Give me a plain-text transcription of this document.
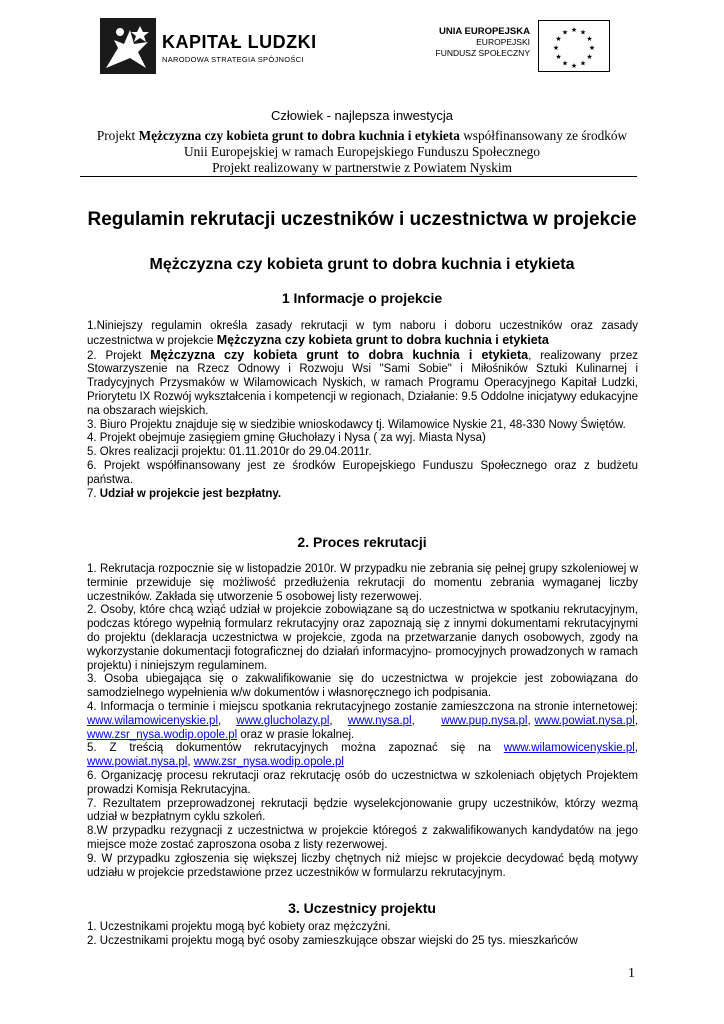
KAPITAŁ LUDZKI
NARODOWA STRATEGIA SPÓJNOŚCI
UNIA EUROPEJSKA
EUROPEJSKI
FUNDUSZ SPOŁECZNY
★ ★
★
★
★
★
★
★
★
★
★
★
Człowiek - najlepsza inwestycja
Projekt Mężczyzna czy kobieta grunt to dobra kuchnia i etykieta współfinansowany ze środków
Unii Europejskiej w ramach Europejskiego Funduszu Społecznego
Projekt realizowany w partnerstwie z Powiatem Nyskim
Regulamin rekrutacji uczestników i uczestnictwa w projekcie
Mężczyzna czy kobieta grunt to dobra kuchnia i etykieta
1 Informacje o projekcie

1.Niniejszy regulamin określa zasady rekrutacji w tym naboru i doboru uczestników oraz zasady uczestnictwa w projekcie Mężczyzna czy kobieta grunt to dobra kuchnia i etykieta

2. Projekt Mężczyzna czy kobieta grunt to dobra kuchnia i etykieta, realizowany przez Stowarzyszenie na Rzecz Odnowy i Rozwoju Wsi "Sami Sobie" i Miłośników Sztuki Kulinarnej i Tradycyjnych Przysmaków w Wilamowicach Nyskich, w ramach Programu Operacyjnego Kapitał Ludzki, Priorytetu IX Rozwój wykształcenia i kompetencji w regionach, Działanie: 9.5 Oddolne inicjatywy edukacyjne na obszarach wiejskich.

3. Biuro Projektu znajduje się w siedzibie wnioskodawcy tj. Wilamowice Nyskie 21, 48-330 Nowy Świętów.

4. Projekt obejmuje zasięgiem gminę Głuchołazy i Nysa ( za wyj. Miasta Nysa)

5. Okres realizacji projektu: 01.11.2010r do 29.04.2011r.

6. Projekt współfinansowany jest ze środków Europejskiego Funduszu Społecznego oraz z budżetu państwa.

7. Udział w projekcie jest bezpłatny.

2. Proces rekrutacji

1. Rekrutacja rozpocznie się w listopadzie 2010r. W przypadku nie zebrania się pełnej grupy szkoleniowej w terminie przewiduje się możliwość przedłużenia rekrutacji do momentu zebrania wymaganej liczby uczestników. Zakłada się utworzenie 5 osobowej listy rezerwowej.

2. Osoby, które chcą wziąć udział w projekcie zobowiązane są do uczestnictwa w spotkaniu rekrutacyjnym, podczas którego wypełnią formularz rekrutacyjny oraz zapoznają się z innymi dokumentami rekrutacyjnymi do projektu (deklaracja uczestnictwa w projekcie, zgoda na przetwarzanie danych osobowych, zgody na wykorzystanie dokumentacji fotograficznej do działań informacyjno- promocyjnych prowadzonych w ramach projektu) i niniejszym regulaminem.

3. Osoba ubiegająca się o zakwalifikowanie się do uczestnictwa w projekcie jest zobowiązana do samodzielnego wypełnienia w/w dokumentów i własnoręcznego ich podpisania.

4. Informacja o terminie i miejscu spotkania rekrutacyjnego zostanie zamieszczona na stronie internetowej: www.wilamowicenyskie.pl,    www.glucholazy.pl,    www.nysa.pl,       www.pup.nysa.pl, www.powiat.nysa.pl, www.zsr_nysa.wodip.opole.pl oraz w prasie lokalnej.

5. Z treścią dokumentów rekrutacyjnych można zapoznać się na www.wilamowicenyskie.pl, www.powiat.nysa.pl, www.zsr_nysa.wodip.opole.pl

6. Organizację procesu rekrutacji oraz rekrutację osób do uczestnictwa w szkoleniach objętych Projektem prowadzi Komisja Rekrutacyjna.

7. Rezultatem przeprowadzonej rekrutacji będzie wyselekcjonowanie grupy uczestników, którzy wezmą udział w bezpłatnym cyklu szkoleń.

8.W przypadku rezygnacji z uczestnictwa w projekcie któregoś z zakwalifikowanych kandydatów na jego miejsce może zostać zaproszona osoba z listy rezerwowej.

9. W przypadku zgłoszenia się większej liczby chętnych niż miejsc w projekcie decydować będą motywy udziału w projekcie przedstawione przez uczestników w formularzu rekrutacyjnym.

3. Uczestnicy projektu

1. Uczestnikami projektu mogą być kobiety oraz mężczyźni.

2. Uczestnikami projektu mogą być osoby zamieszkujące obszar wiejski do 25 tys. mieszkańców

1
